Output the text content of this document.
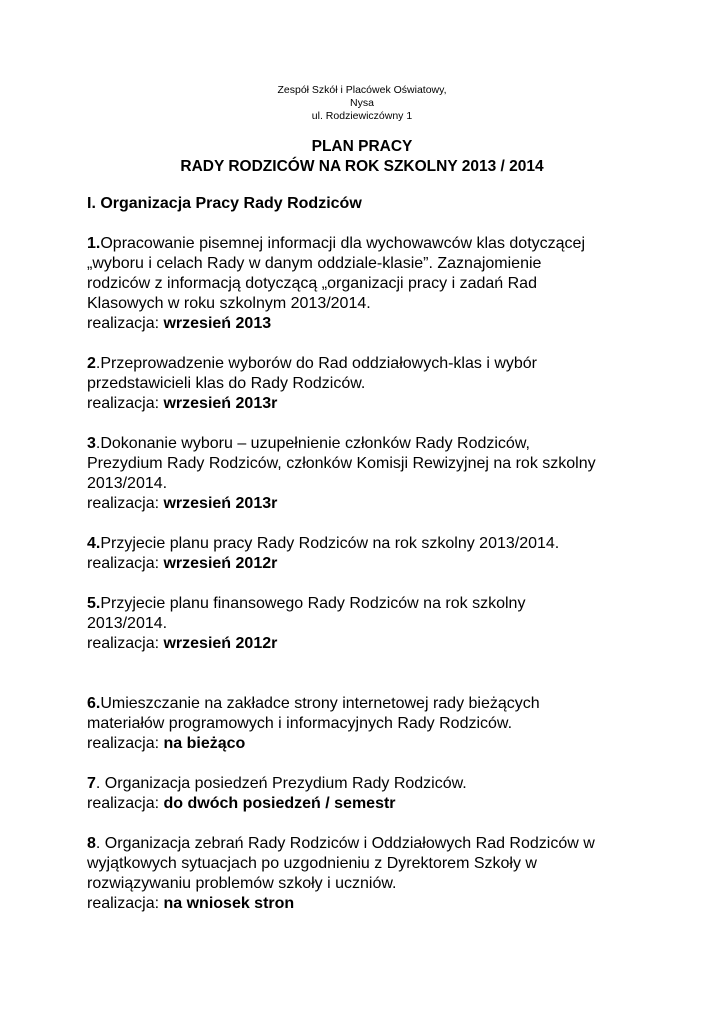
Zespół Szkół i Placówek Oświatowy,
Nysa
ul. Rodziewiczówny 1
PLAN PRACY
RADY RODZICÓW NA ROK SZKOLNY 2013 / 2014
I. Organizacja Pracy Rady Rodziców
1.Opracowanie pisemnej informacji dla wychowawców klas dotyczącej
„wyboru i celach Rady w danym oddziale-klasie”. Zaznajomienie
rodziców z informacją dotyczącą „organizacji pracy i zadań Rad
Klasowych w roku szkolnym 2013/2014.
realizacja: wrzesień 2013
2.Przeprowadzenie wyborów do Rad oddziałowych-klas i wybór
przedstawicieli klas do Rady Rodziców.
realizacja: wrzesień 2013r
3.Dokonanie wyboru – uzupełnienie członków Rady Rodziców,
Prezydium Rady Rodziców, członków Komisji Rewizyjnej na rok szkolny
2013/2014.
realizacja: wrzesień 2013r
4.Przyjecie planu pracy Rady Rodziców na rok szkolny 2013/2014.
realizacja: wrzesień 2012r
5.Przyjecie planu finansowego Rady Rodziców na rok szkolny
2013/2014.
realizacja: wrzesień 2012r
6.Umieszczanie na zakładce strony internetowej rady bieżących
materiałów programowych i informacyjnych Rady Rodziców.
realizacja: na bieżąco
7. Organizacja posiedzeń Prezydium Rady Rodziców.
realizacja: do dwóch posiedzeń / semestr
8. Organizacja zebrań Rady Rodziców i Oddziałowych Rad Rodziców w
wyjątkowych sytuacjach po uzgodnieniu z Dyrektorem Szkoły w
rozwiązywaniu problemów szkoły i uczniów.
realizacja: na wniosek stron
